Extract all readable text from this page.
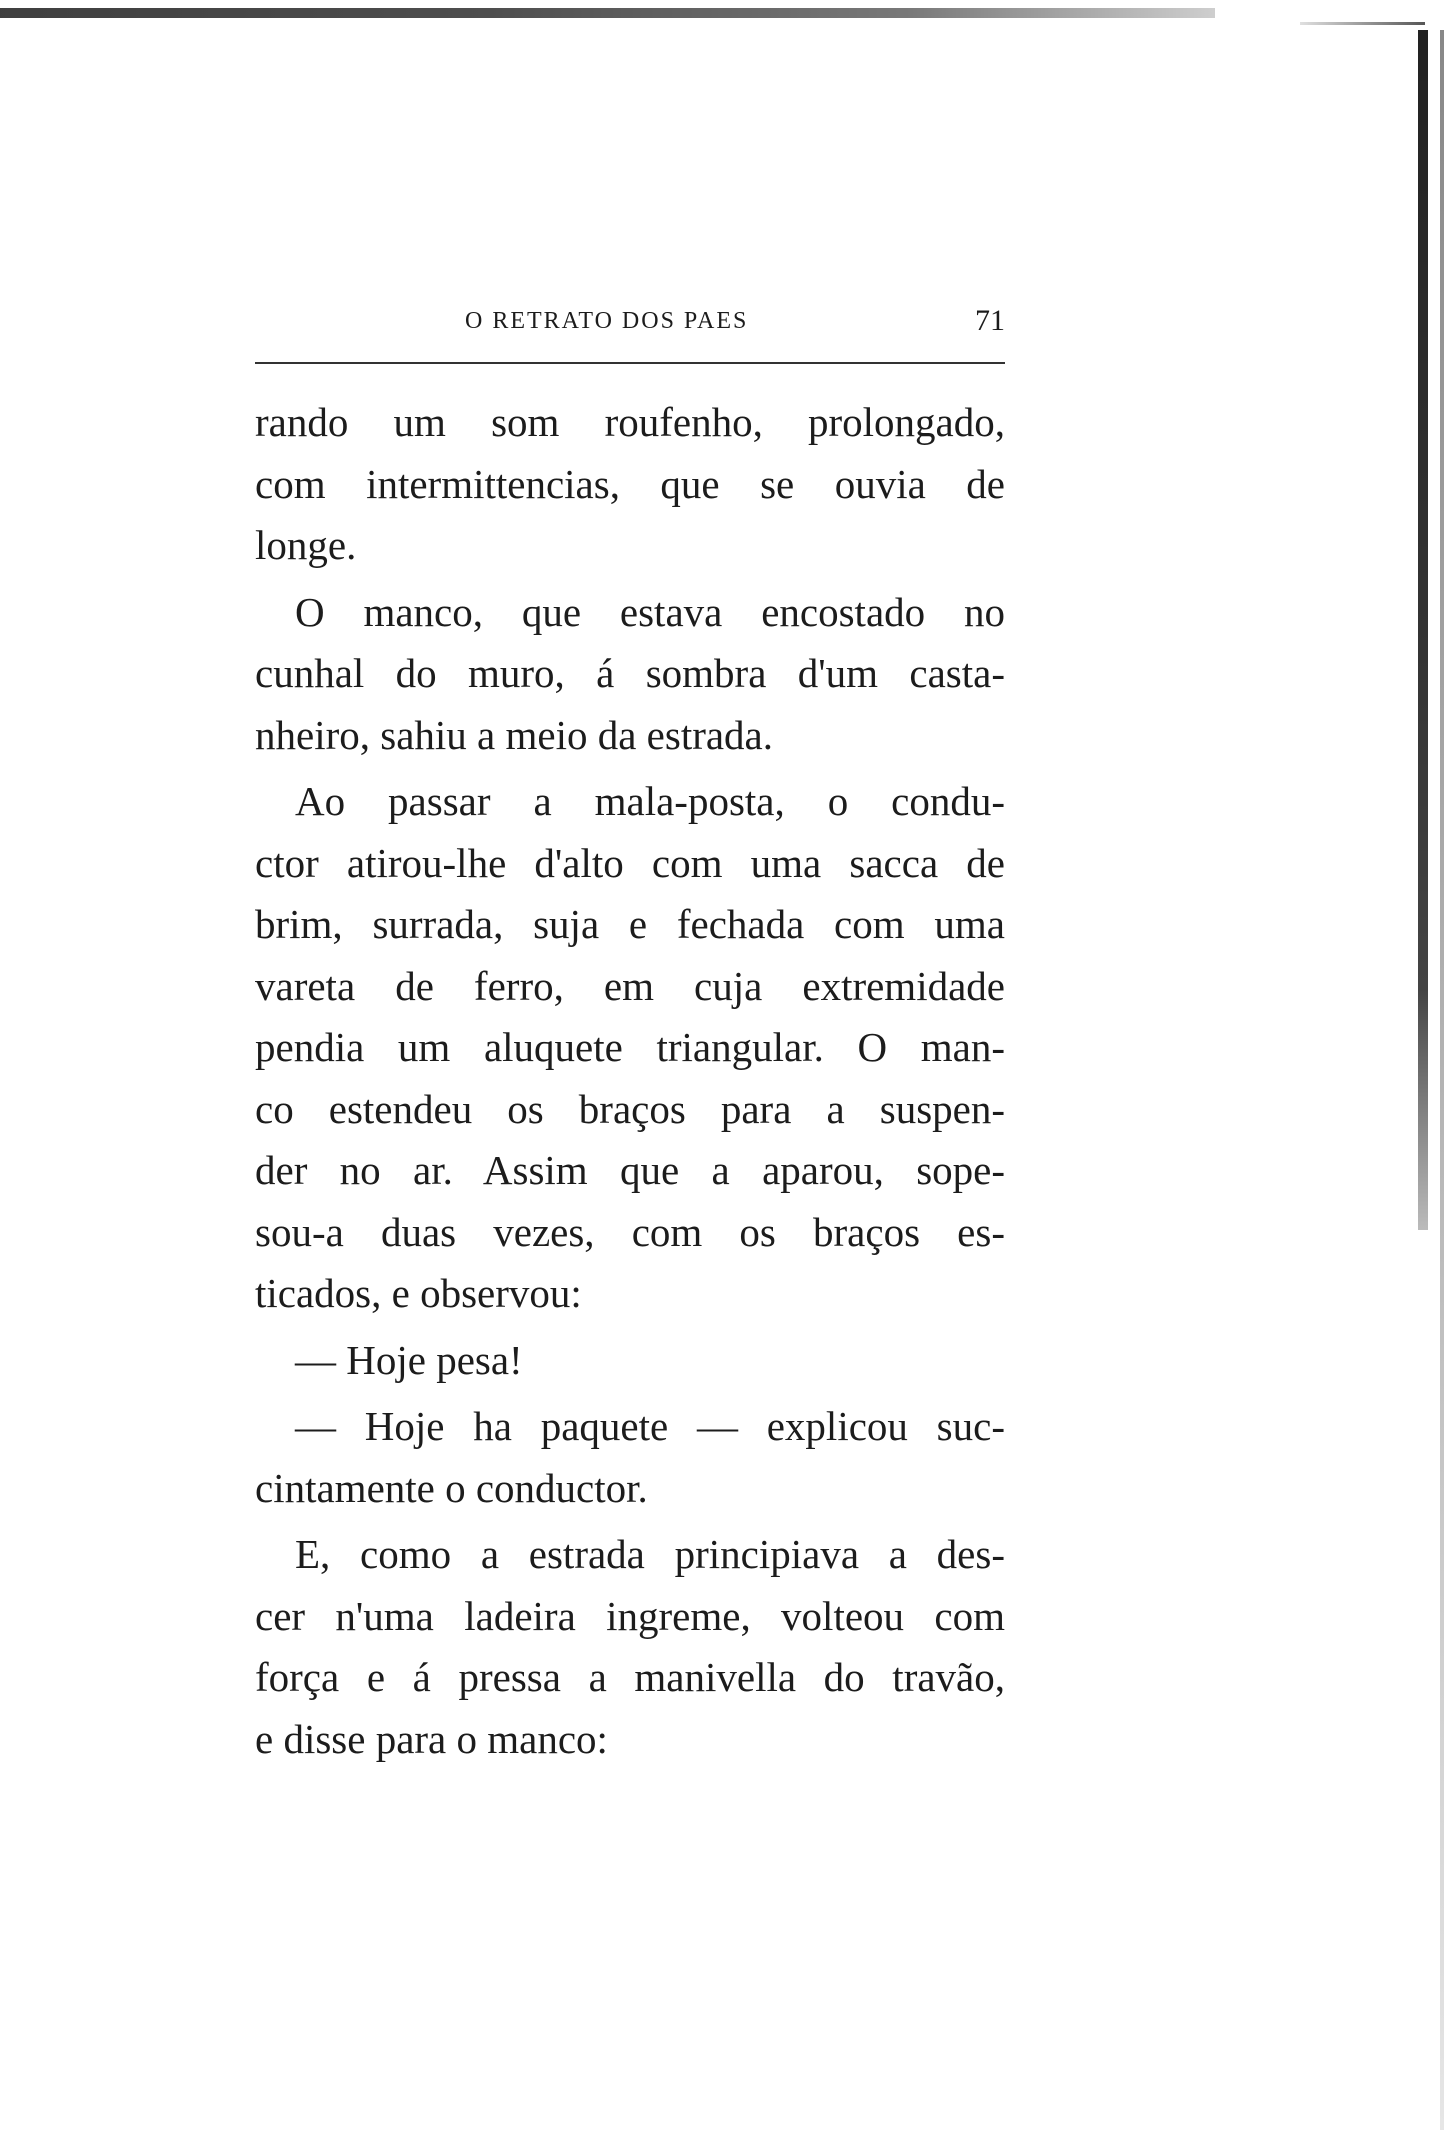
O RETRATO DOS PAES	71
rando um som roufenho, prolongado,
com intermittencias, que se ouvia de
longe.
O manco, que estava encostado no
cunhal do muro, á sombra d'um casta-
nheiro, sahiu a meio da estrada.
Ao passar a mala-posta, o condu-
ctor atirou-lhe d'alto com uma sacca de
brim, surrada, suja e fechada com uma
vareta de ferro, em cuja extremidade
pendia um aluquete triangular. O man-
co estendeu os braços para a suspen-
der no ar. Assim que a aparou, sope-
sou-a duas vezes, com os braços es-
ticados, e observou:
— Hoje pesa!
— Hoje ha paquete — explicou suc-
cintamente o conductor.
E, como a estrada principiava a des-
cer n'uma ladeira ingreme, volteou com
força e á pressa a manivella do travão,
e disse para o manco:
